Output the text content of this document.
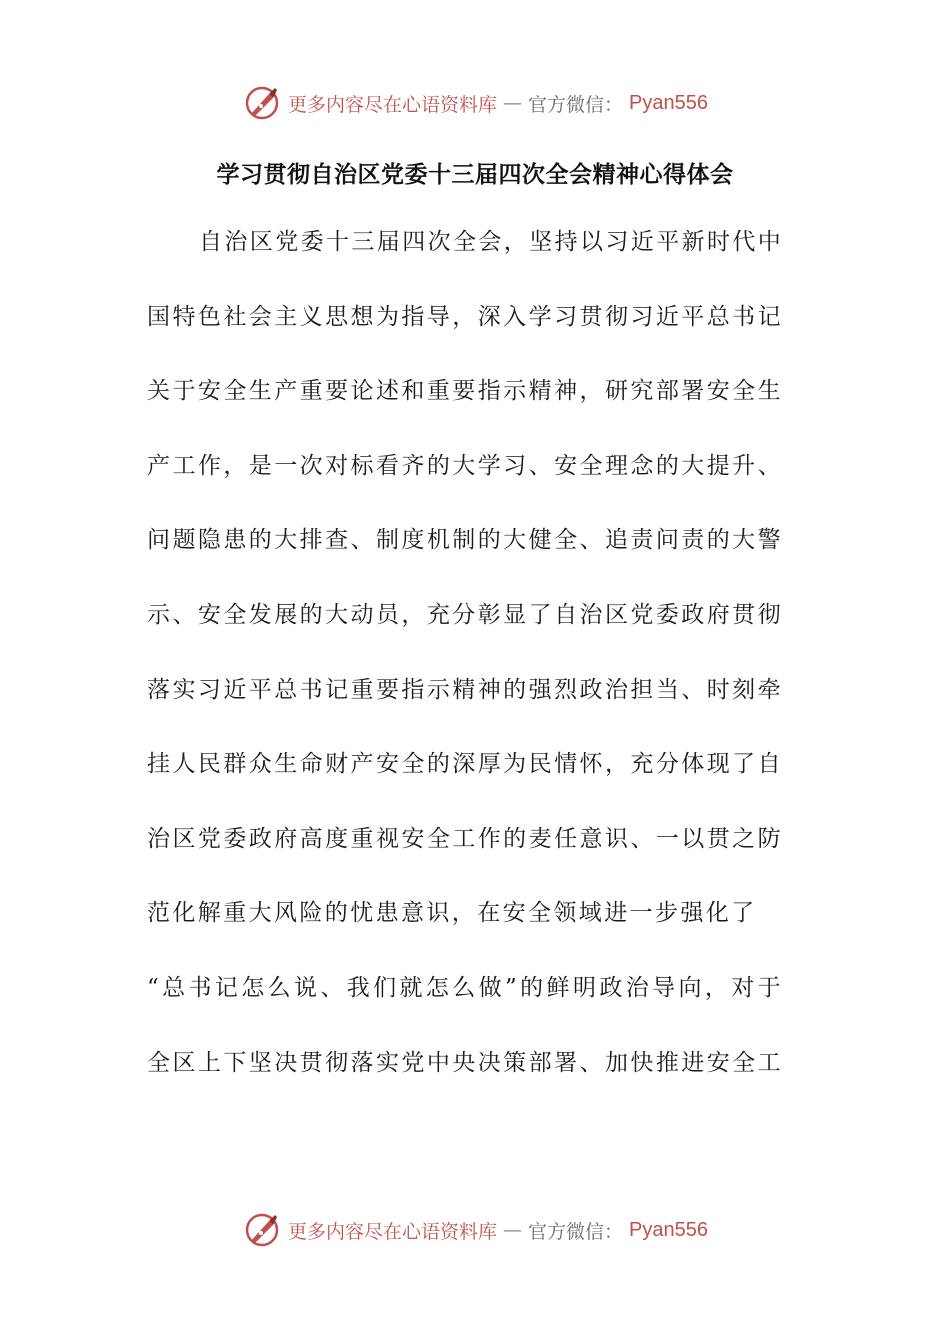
更多内容尽在心语资料库 — 官方微信： Pyan556
学习贯彻自治区党委十三届四次全会精神心得体会
自治区党委十三届四次全会，坚持以习近平新时代中
国特色社会主义思想为指导，深入学习贯彻习近平总书记
关于安全生产重要论述和重要指示精神，研究部署安全生
产工作，是一次对标看齐的大学习、安全理念的大提升、
问题隐患的大排查、制度机制的大健全、追责问责的大警
示、安全发展的大动员，充分彰显了自治区党委政府贯彻
落实习近平总书记重要指示精神的强烈政治担当、时刻牵
挂人民群众生命财产安全的深厚为民情怀，充分体现了自
治区党委政府高度重视安全工作的麦任意识、一以贯之防
范化解重大风险的忧患意识，在安全领域进一步强化了
“总书记怎么说、我们就怎么做”的鲜明政治导向，对于
全区上下坚决贯彻落实党中央决策部署、加快推进安全工
更多内容尽在心语资料库 — 官方微信： Pyan556
